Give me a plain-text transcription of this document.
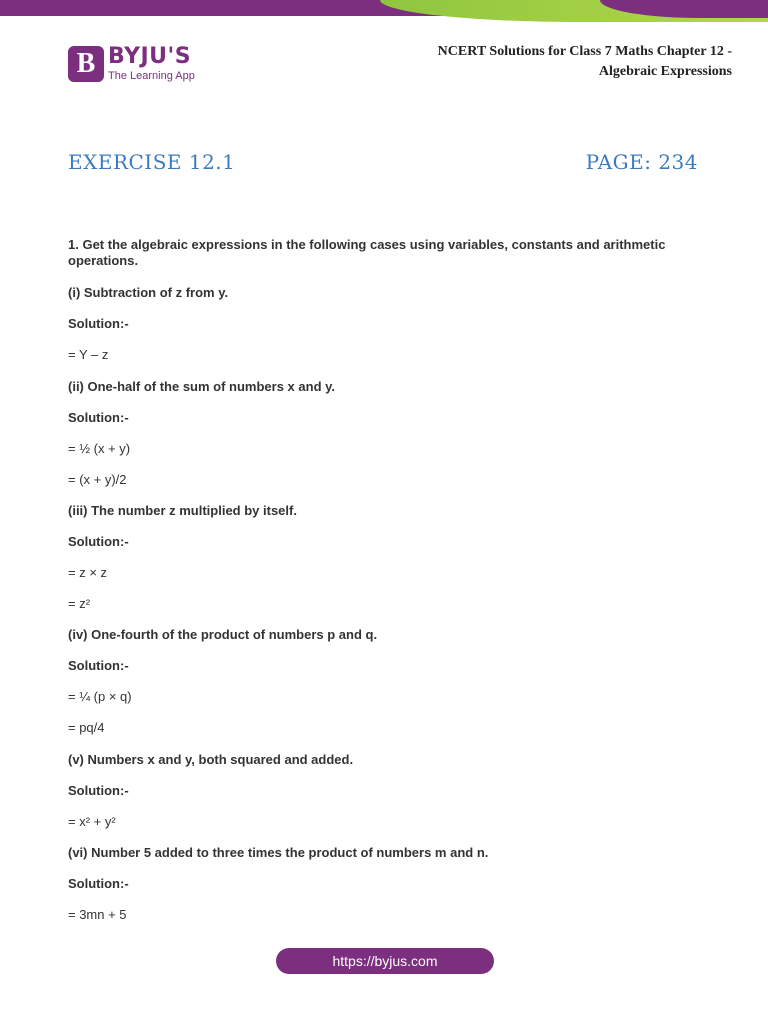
B BYJU'S
The Learning App
NCERT Solutions for Class 7 Maths Chapter 12 -
Algebraic Expressions
EXERCISE 12.1	PAGE: 234
1. Get the algebraic expressions in the following cases using variables, constants and arithmetic operations.
(i) Subtraction of z from y.
Solution:-
= Y – z
(ii) One-half of the sum of numbers x and y.
Solution:-
= ½ (x + y)
= (x + y)/2
(iii) The number z multiplied by itself.
Solution:-
= z × z
= z²
(iv) One-fourth of the product of numbers p and q.
Solution:-
= ¼ (p × q)
= pq/4
(v) Numbers x and y, both squared and added.
Solution:-
= x² + y²
(vi) Number 5 added to three times the product of numbers m and n.
Solution:-
= 3mn + 5
https://byjus.com
